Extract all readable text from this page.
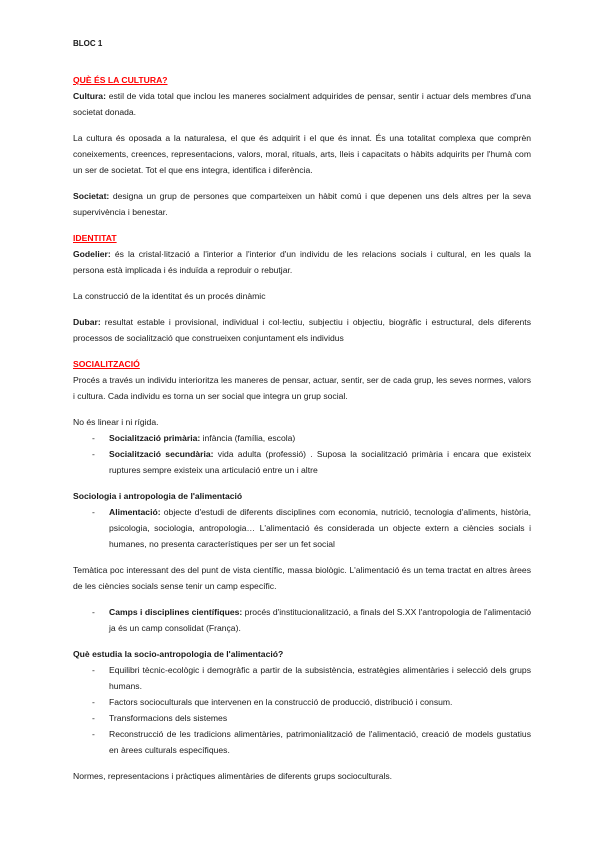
BLOC 1

QUÈ ÉS LA CULTURA?

Cultura: estil de vida total que inclou les maneres socialment adquirides de pensar, sentir i actuar dels membres d'una societat donada.

La cultura és oposada a la naturalesa, el que és adquirit i el que és innat. És una totalitat complexa que comprèn coneixements, creences, representacions, valors, moral, rituals, arts, lleis i capacitats o hàbits adquirits per l'humà com un ser de societat. Tot el que ens integra, identifica i diferència.

Societat: designa un grup de persones que comparteixen un hàbit comú i que depenen uns dels altres per la seva supervivència i benestar.

IDENTITAT

Godelier: és la cristal·lització a l'interior a l'interior d'un individu de les relacions socials i cultural, en les quals la persona està implicada i és induïda a reproduir o rebutjar.

La construcció de la identitat és un procés dinàmic

Dubar: resultat estable i provisional, individual i col·lectiu, subjectiu i objectiu, biogràfic i estructural, dels diferents processos de socialització que construeixen conjuntament els individus

SOCIALITZACIÓ

Procés a través un individu interioritza les maneres de pensar, actuar, sentir, ser de cada grup, les seves normes, valors i cultura. Cada individu es torna un ser social que integra un grup social.

No és linear i ni rígida.

- Socialització primària: infància (família, escola)
- Socialització secundària: vida adulta (professió) . Suposa la socialització primària i encara que existeix ruptures sempre existeix una articulació entre un i altre

Sociologia i antropologia de l'alimentació

- Alimentació: objecte d'estudi de diferents disciplines com economia, nutrició, tecnologia d'aliments, història, psicologia, sociologia, antropologia… L'alimentació és considerada un objecte extern a ciències socials i humanes, no presenta característiques per ser un fet social

Temàtica poc interessant des del punt de vista científic, massa biològic. L'alimentació és un tema tractat en altres àrees de les ciències socials sense tenir un camp específic.

- Camps i disciplines científiques: procés d'institucionalització, a finals del S.XX l'antropologia de l'alimentació ja és un camp consolidat (França).

Què estudia la socio-antropologia de l'alimentació?

- Equilibri tècnic-ecològic i demogràfic a partir de la subsistència, estratègies alimentàries i selecció dels grups humans.
- Factors socioculturals que intervenen en la construcció de producció, distribució i consum.
- Transformacions dels sistemes
- Reconstrucció de les tradicions alimentàries, patrimonialització de l'alimentació, creació de models gustatius en àrees culturals específiques.

Normes, representacions i pràctiques alimentàries de diferents grups socioculturals.
